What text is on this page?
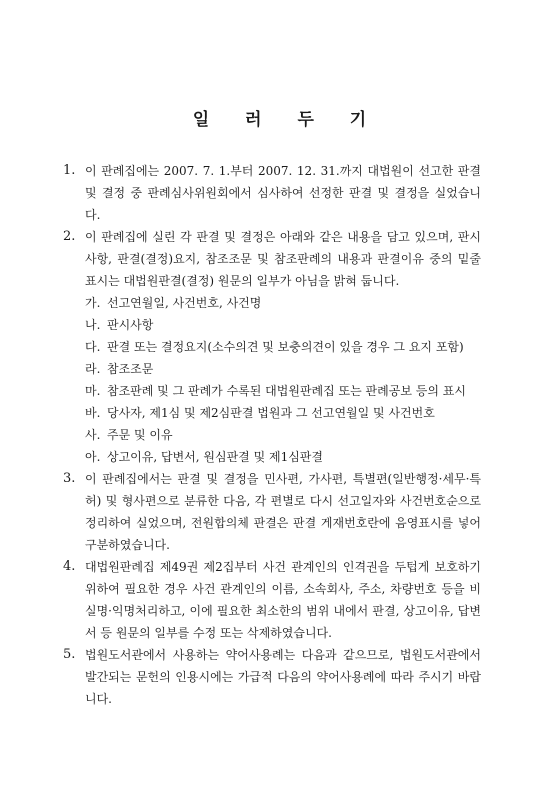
일 러 두 기
1. 이 판례집에는 2007. 7. 1.부터 2007. 12. 31.까지 대법원이 선고한 판결 및 결정 중 판례심사위원회에서 심사하여 선정한 판결 및 결정을 실었습니다.

2. 이 판례집에 실린 각 판결 및 결정은 아래와 같은 내용을 담고 있으며, 판시사항, 판결(결정)요지, 참조조문 및 참조판례의 내용과 판결이유 중의 밑줄 표시는 대법원판결(결정) 원문의 일부가 아님을 밝혀 둡니다.

가. 선고연월일, 사건번호, 사건명
나. 판시사항
다. 판결 또는 결정요지(소수의견 및 보충의견이 있을 경우 그 요지 포함)
라. 참조조문
마. 참조판례 및 그 판례가 수록된 대법원판례집 또는 판례공보 등의 표시
바. 당사자, 제1심 및 제2심판결 법원과 그 선고연월일 및 사건번호
사. 주문 및 이유
아. 상고이유, 답변서, 원심판결 및 제1심판결
3. 이 판례집에서는 판결 및 결정을 민사편, 가사편, 특별편(일반행정·세무·특허) 및 형사편으로 분류한 다음, 각 편별로 다시 선고일자와 사건번호순으로 정리하여 실었으며, 전원합의체 판결은 판결 게재번호란에 음영표시를 넣어 구분하였습니다.

4. 대법원판례집 제49권 제2집부터 사건 관계인의 인격권을 두텁게 보호하기 위하여 필요한 경우 사건 관계인의 이름, 소속회사, 주소, 차량번호 등을 비실명·익명처리하고, 이에 필요한 최소한의 범위 내에서 판결, 상고이유, 답변서 등 원문의 일부를 수정 또는 삭제하였습니다.

5. 법원도서관에서 사용하는 약어사용례는 다음과 같으므로, 법원도서관에서 발간되는 문헌의 인용시에는 가급적 다음의 약어사용례에 따라 주시기 바랍니다.
